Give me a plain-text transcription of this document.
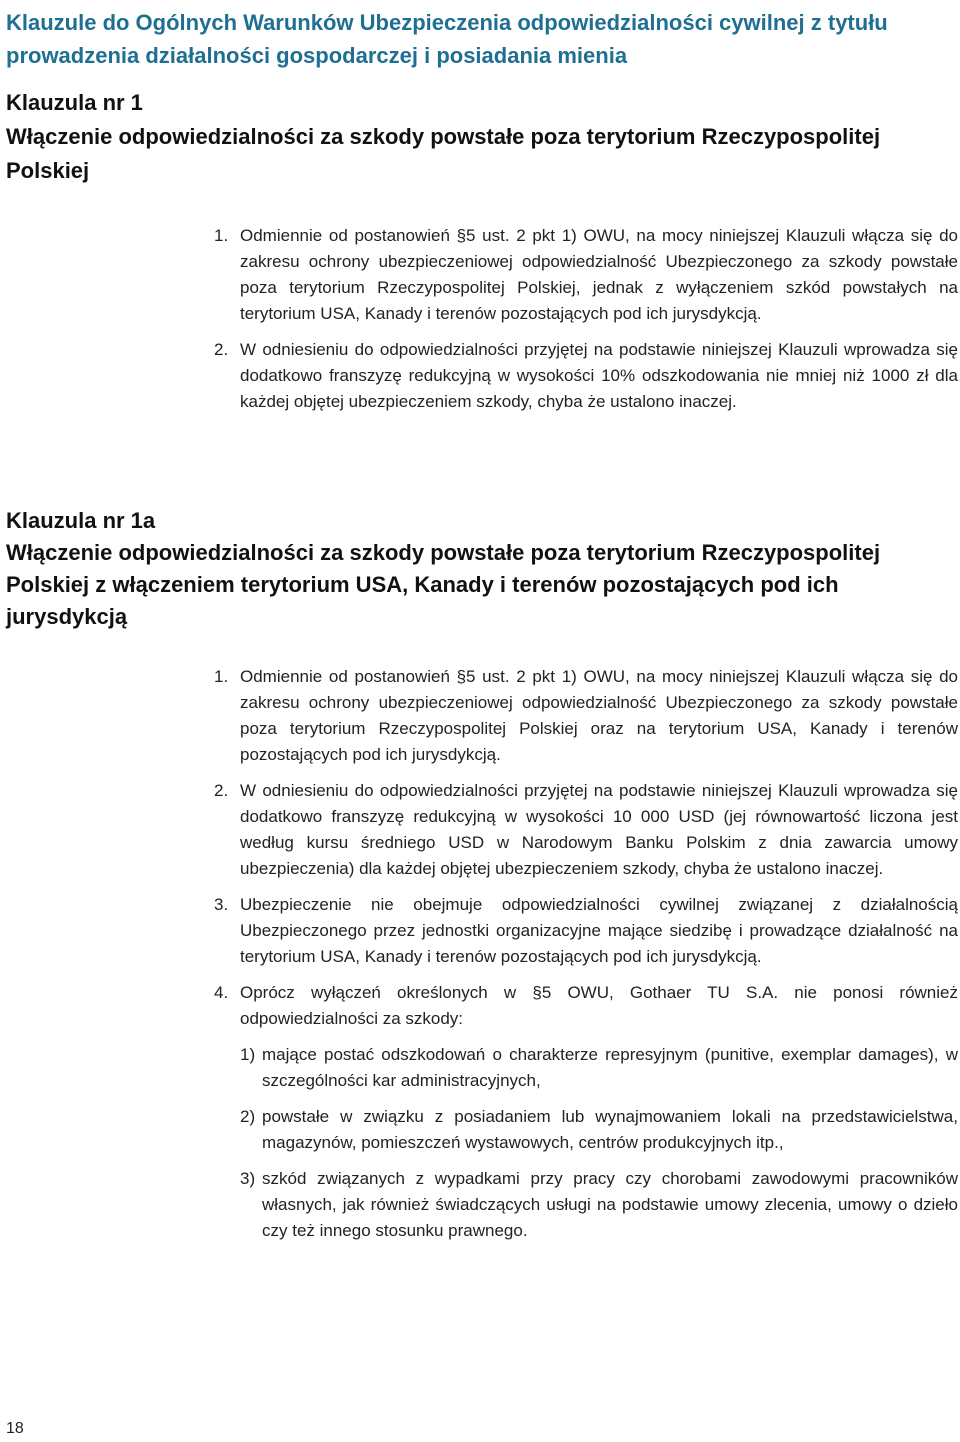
Klauzule do Ogólnych Warunków Ubezpieczenia odpowiedzialności cywilnej z tytułu prowadzenia działalności gospodarczej i posiadania mienia
Klauzula nr 1
Włączenie odpowiedzialności za szkody powstałe poza terytorium Rzeczypospolitej Polskiej
1. Odmiennie od postanowień §5 ust. 2 pkt 1) OWU, na mocy niniejszej Klauzuli włącza się do zakresu ochrony ubezpieczeniowej odpowiedzialność Ubezpieczonego za szkody powstałe poza terytorium Rzeczypospolitej Polskiej, jednak z wyłączeniem szkód powstałych na terytorium USA, Kanady i terenów pozostających pod ich jurysdykcją.
2. W odniesieniu do odpowiedzialności przyjętej na podstawie niniejszej Klauzuli wprowadza się dodatkowo franszyzę redukcyjną w wysokości 10% odszkodowania nie mniej niż 1000 zł dla każdej objętej ubezpieczeniem szkody, chyba że ustalono inaczej.
Klauzula nr 1a
Włączenie odpowiedzialności za szkody powstałe poza terytorium Rzeczypospolitej Polskiej z włączeniem terytorium USA, Kanady i terenów pozostających pod ich jurysdykcją
1. Odmiennie od postanowień §5 ust. 2 pkt 1) OWU, na mocy niniejszej Klauzuli włącza się do zakresu ochrony ubezpieczeniowej odpowiedzialność Ubezpieczonego za szkody powstałe poza terytorium Rzeczypospolitej Polskiej oraz na terytorium USA, Kanady i terenów pozostających pod ich jurysdykcją.
2. W odniesieniu do odpowiedzialności przyjętej na podstawie niniejszej Klauzuli wprowadza się dodatkowo franszyzę redukcyjną w wysokości 10 000 USD (jej równowartość liczona jest według kursu średniego USD w Narodowym Banku Polskim z dnia zawarcia umowy ubezpieczenia) dla każdej objętej ubezpieczeniem szkody, chyba że ustalono inaczej.
3. Ubezpieczenie nie obejmuje odpowiedzialności cywilnej związanej z działalnością Ubezpieczonego przez jednostki organizacyjne mające siedzibę i prowadzące działalność na terytorium USA, Kanady i terenów pozostających pod ich jurysdykcją.
4. Oprócz wyłączeń określonych w §5 OWU, Gothaer TU S.A. nie ponosi również odpowiedzialności za szkody:
1) mające postać odszkodowań o charakterze represyjnym (punitive, exemplar damages), w szczególności kar administracyjnych,
2) powstałe w związku z posiadaniem lub wynajmowaniem lokali na przedstawicielstwa, magazynów, pomieszczeń wystawowych, centrów produkcyjnych itp.,
3) szkód związanych z wypadkami przy pracy czy chorobami zawodowymi pracowników własnych, jak również świadczących usługi na podstawie umowy zlecenia, umowy o dzieło czy też innego stosunku prawnego.
18
